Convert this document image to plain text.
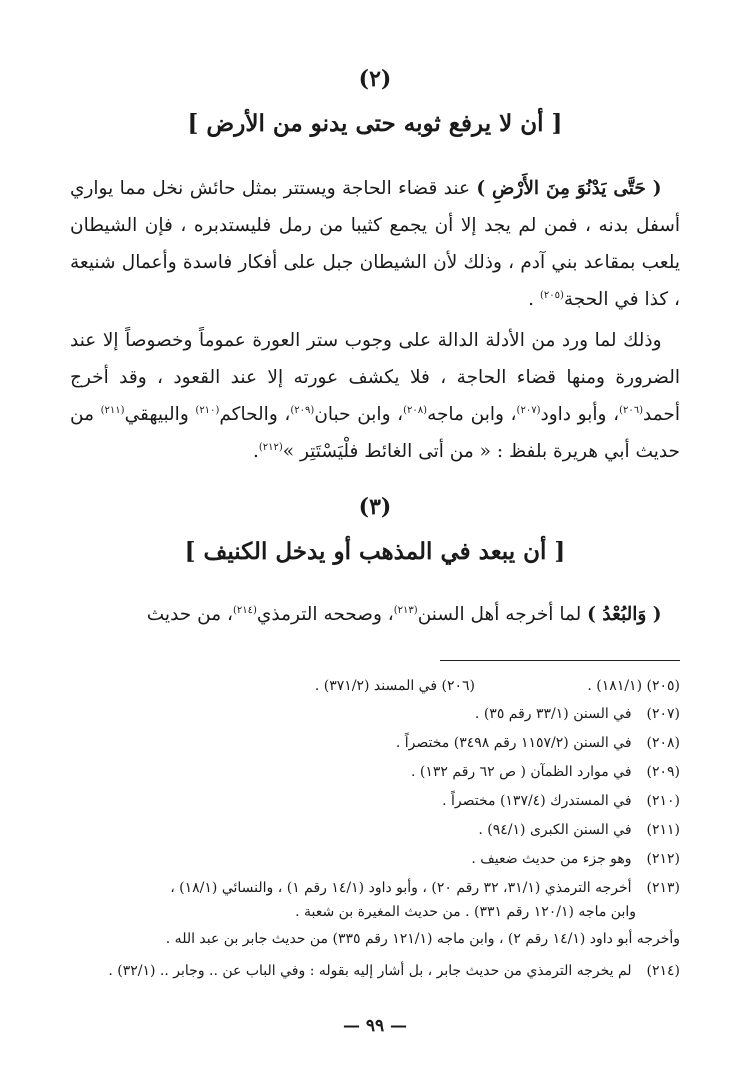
(٢)
[ أن لا يرفع ثوبه حتى يدنو من الأرض ]
 ( حَتَّى يَدْنُوَ مِنَ الأَرْضِ ) عند قضاء الحاجة ويستتر بمثل حائش نخل مما يواري أسفل بدنه ، فمن لم يجد إلا أن يجمع كثيبا من رمل فليستدبره ، فإن الشيطان يلعب بمقاعد بني آدم ، وذلك لأن الشيطان جبل على أفكار فاسدة وأعمال شنيعة ، كذا في الحجة$^{(٢٠٥)}$ .
 وذلك لما ورد من الأدلة الدالة على وجوب ستر العورة عموماً وخصوصاً إلا عند الضرورة ومنها قضاء الحاجة ، فلا يكشف عورته إلا عند القعود ، وقد أخرج أحمد$^{(٢٠٦)}$، وأبو داود$^{(٢٠٧)}$، وابن ماجه$^{(٢٠٨)}$، وابن حبان$^{(٢٠٩)}$، والحاكم$^{(٢١٠)}$ والبيهقي$^{(٢١١)}$ من حديث أبي هريرة بلفظ : « من أتى الغائط فلْيَسْتَتِر »$^{(٢١٢)}$.
(٣)
[ أن يبعد في المذهب أو يدخل الكنيف ]
 ( وَالبُعْدُ ) لما أخرجه أهل السنن$^{(٢١٣)}$، وصححه الترمذي$^{(٢١٤)}$، من حديث
(٢٠٥) (١٨١/١) .
(٢٠٦) في المسند (٣٧١/٢) .
(٢٠٧) في السنن (٣٣/١ رقم ٣٥) .
(٢٠٨) في السنن (١١٥٧/٢ رقم ٣٤٩٨) مختصراً .
(٢٠٩) في موارد الظمآن ( ص ٦٢ رقم ١٣٢) .
(٢١٠) في المستدرك (١٣٧/٤) مختصراً .
(٢١١) في السنن الكبرى (٩٤/١) .
(٢١٢) وهو جزء من حديث ضعيف .
(٢١٣) أخرجه الترمذي (٣١/١، ٣٢ رقم ٢٠) ، وأبو داود (١٤/١ رقم ١) ، والنسائي (١٨/١) ،
وابن ماجه (١٢٠/١ رقم ٣٣١) . من حديث المغيرة بن شعبة .
وأخرجه أبو داود (١٤/١ رقم ٢) ، وابن ماجه (١٢١/١ رقم ٣٣٥) من حديث جابر بن عبد الله .
(٢١٤) لم يخرجه الترمذي من حديث جابر ، بل أشار إليه بقوله : وفي الباب عن .. وجابر .. (٣٢/١) .
— ٩٩ —
